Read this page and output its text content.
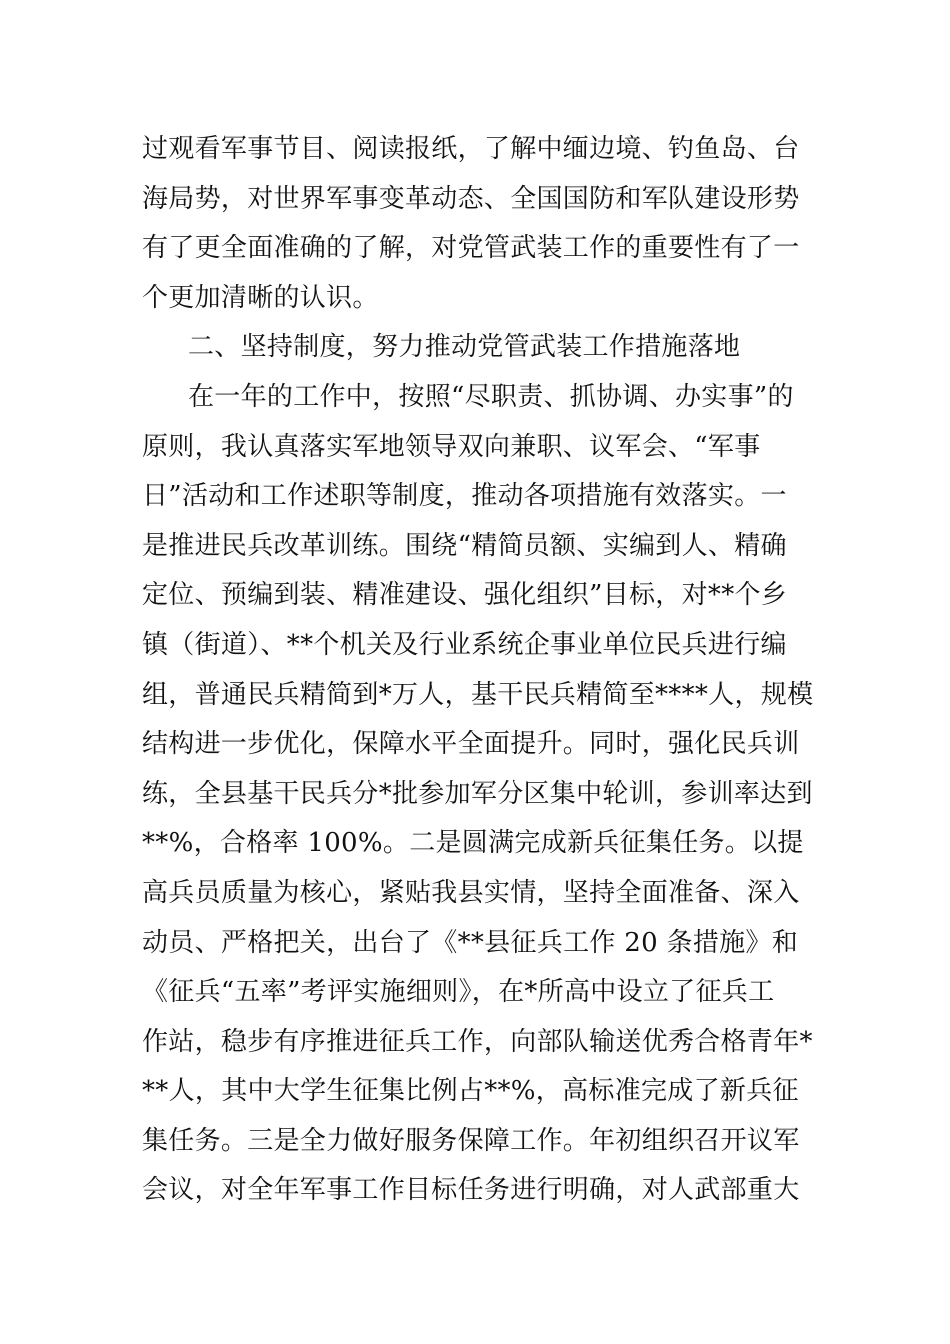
过观看军事节目、阅读报纸，了解中缅边境、钓鱼岛、台
海局势，对世界军事变革动态、全国国防和军队建设形势
有了更全面准确的了解，对党管武装工作的重要性有了一
个更加清晰的认识。
二、坚持制度，努力推动党管武装工作措施落地
在一年的工作中，按照“尽职责、抓协调、办实事”的
原则，我认真落实军地领导双向兼职、议军会、“军事
日”活动和工作述职等制度，推动各项措施有效落实。一
是推进民兵改革训练。围绕“精简员额、实编到人、精确
定位、预编到装、精准建设、强化组织”目标，对**个乡
镇（街道）、**个机关及行业系统企事业单位民兵进行编
组，普通民兵精简到*万人，基干民兵精简至****人，规模
结构进一步优化，保障水平全面提升。同时，强化民兵训
练，全县基干民兵分*批参加军分区集中轮训，参训率达到
**%，合格率 100%。二是圆满完成新兵征集任务。以提
高兵员质量为核心，紧贴我县实情，坚持全面准备、深入
动员、严格把关，出台了《**县征兵工作 20 条措施》和
《征兵“五率”考评实施细则》，在*所高中设立了征兵工
作站，稳步有序推进征兵工作，向部队输送优秀合格青年*
**人，其中大学生征集比例占**%，高标准完成了新兵征
集任务。三是全力做好服务保障工作。年初组织召开议军
会议，对全年军事工作目标任务进行明确，对人武部重大
